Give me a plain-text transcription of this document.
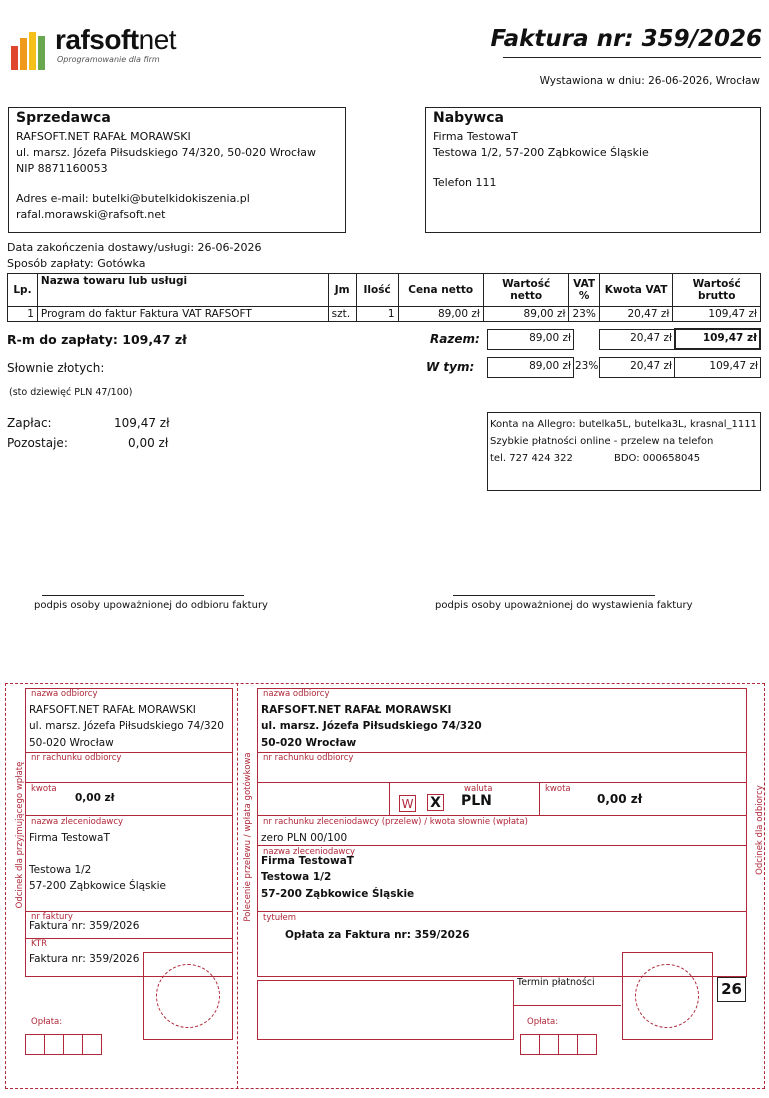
rafsoftnet
Oprogramowanie dla firm
Faktura nr: 359/2026
Wystawiona w dniu: 26-06-2026, Wrocław
Sprzedawca
RAFSOFT.NET RAFAŁ MORAWSKI
ul. marsz. Józefa Piłsudskiego 74/320, 50-020 Wrocław
NIP 8871160053
Adres e-mail: butelki@butelkidokiszenia.pl
rafal.morawski@rafsoft.net
Nabywca
Firma TestowaT
Testowa 1/2, 57-200 Ząbkowice Śląskie
Telefon 111
Data zakończenia dostawy/usługi: 26-06-2026
Sposób zapłaty: Gotówka
Lp.	Nazwa towaru lub usługi	Jm	Ilość	Cena netto	Wartość netto	VAT %	Kwota VAT	Wartość brutto
1	Program do faktur Faktura VAT RAFSOFT	szt.	1	89,00 zł	89,00 zł	23%	20,47 zł	109,47 zł
R-m do zapłaty: 109,47 zł	Razem:	89,00 zł	20,47 zł	109,47 zł
Słownie złotych:	W tym:	89,00 zł 23%	20,47 zł	109,47 zł
(sto dziewięć PLN 47/100)
Zapłac:	109,47 zł
Pozostaje:	0,00 zł
Konta na Allegro: butelka5L, butelka3L, krasnal_1111
Szybkie płatności online - przelew na telefon
tel. 727 424 322	BDO: 000658045
podpis osoby upoważnionej do odbioru faktury	podpis osoby upoważnionej do wystawienia faktury
Odcinek dla przyjmującego wpłatę	Polecenie przelewu / wpłata gotówkowa	Odcinek dla odbiorcy
nazwa odbiorcy
RAFSOFT.NET RAFAŁ MORAWSKI
ul. marsz. Józefa Piłsudskiego 74/320
50-020 Wrocław
nr rachunku odbiorcy
kwota
0,00 zł
nazwa zleceniodawcy
Firma TestowaT
Testowa 1/2
57-200 Ząbkowice Śląskie
nr faktury
Faktura nr: 359/2026
KTR
Faktura nr: 359/2026
Opłata:
nazwa odbiorcy
RAFSOFT.NET RAFAŁ MORAWSKI
ul. marsz. Józefa Piłsudskiego 74/320
50-020 Wrocław
nr rachunku odbiorcy
waluta
W X PLN
kwota
0,00 zł
nr rachunku zleceniodawcy (przelew) / kwota słownie (wpłata)
zero PLN 00/100
nazwa zleceniodawcy
Firma TestowaT
Testowa 1/2
57-200 Ząbkowice Śląskie
tytułem
Opłata za Faktura nr: 359/2026
Termin płatności
Opłata:
26
